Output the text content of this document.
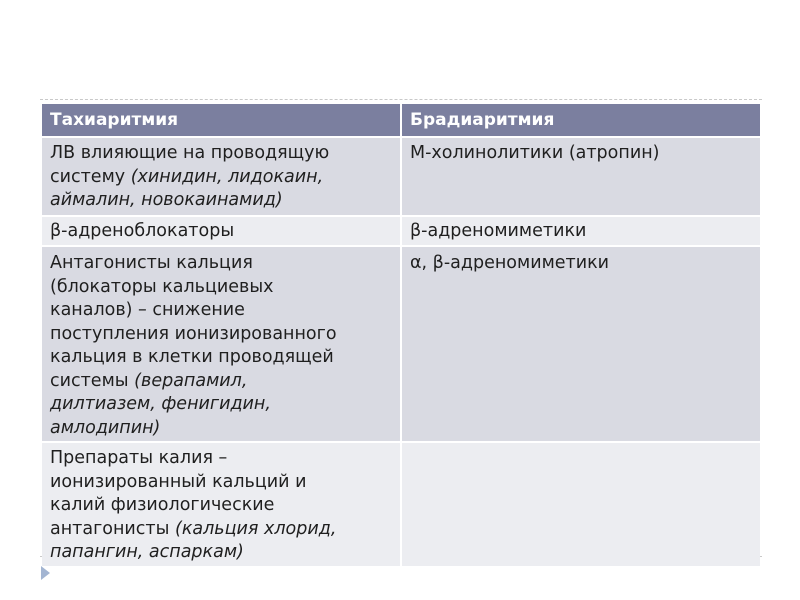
Тахиаритмия	Брадиаритмия
ЛВ влияющие на проводящую
систему (хинидин, лидокаин,
аймалин, новокаинамид)
М-холинолитики (атропин)
β-адреноблокаторы	β-адреномиметики
Антагонисты кальция
(блокаторы кальциевых
каналов) – снижение
поступления ионизированного
кальция в клетки проводящей
системы (верапамил,
дилтиазем, фенигидин,
амлодипин)
α, β-адреномиметики
Препараты калия –
ионизированный кальций и
калий физиологические
антагонисты (кальция хлорид,
папангин, аспаркам)
